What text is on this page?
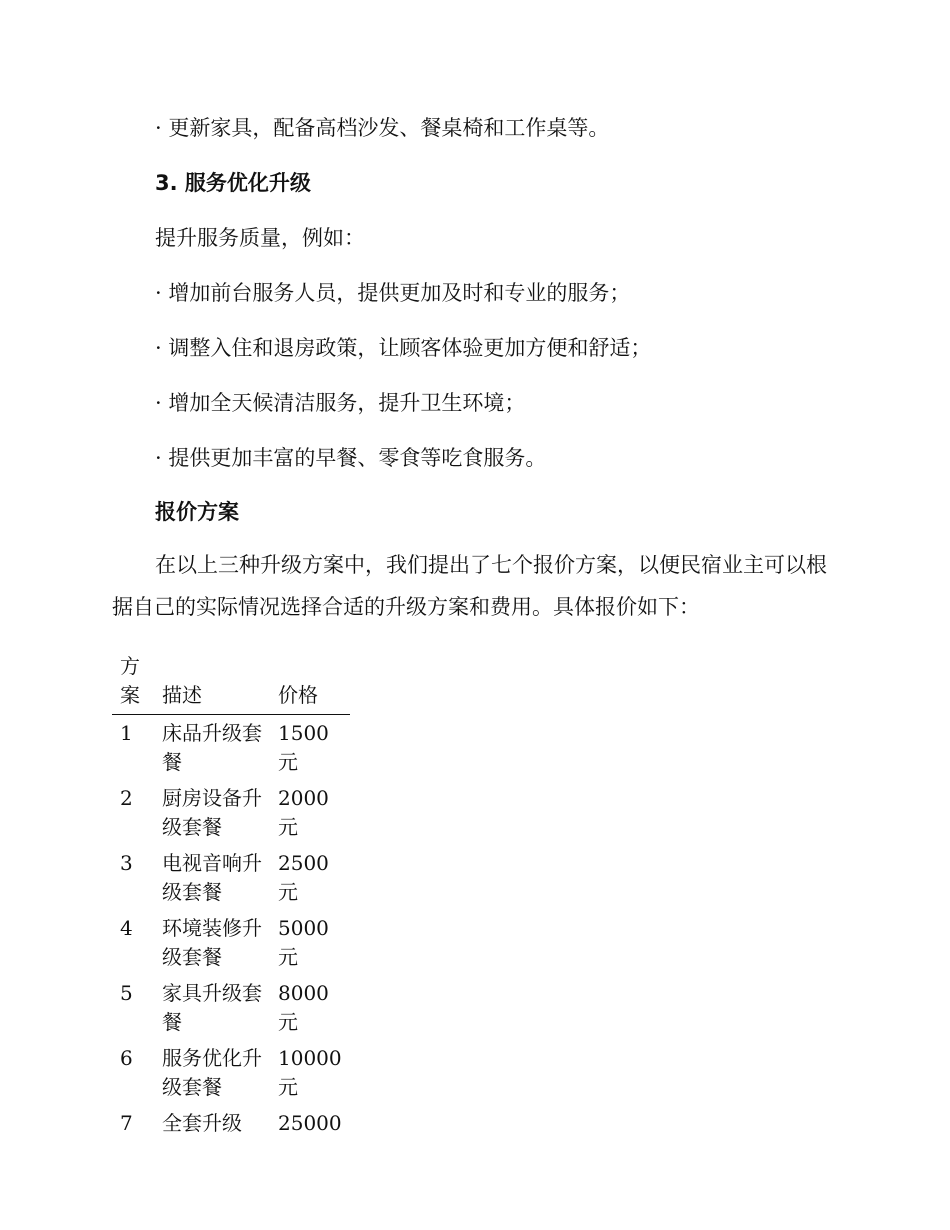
· 更新家具，配备高档沙发、餐桌椅和工作桌等。
3. 服务优化升级
提升服务质量，例如：
· 增加前台服务人员，提供更加及时和专业的服务；
· 调整入住和退房政策，让顾客体验更加方便和舒适；
· 增加全天候清洁服务，提升卫生环境；
· 提供更加丰富的早餐、零食等吃食服务。
报价方案
在以上三种升级方案中，我们提出了七个报价方案，以便民宿业主可以根据自己的实际情况选择合适的升级方案和费用。具体报价如下：
方案	描述	价格
1	床品升级套餐	1500元
2	厨房设备升级套餐	2000元
3	电视音响升级套餐	2500元
4	环境装修升级套餐	5000元
5	家具升级套餐	8000元
6	服务优化升级套餐	10000元
7	全套升级	25000
